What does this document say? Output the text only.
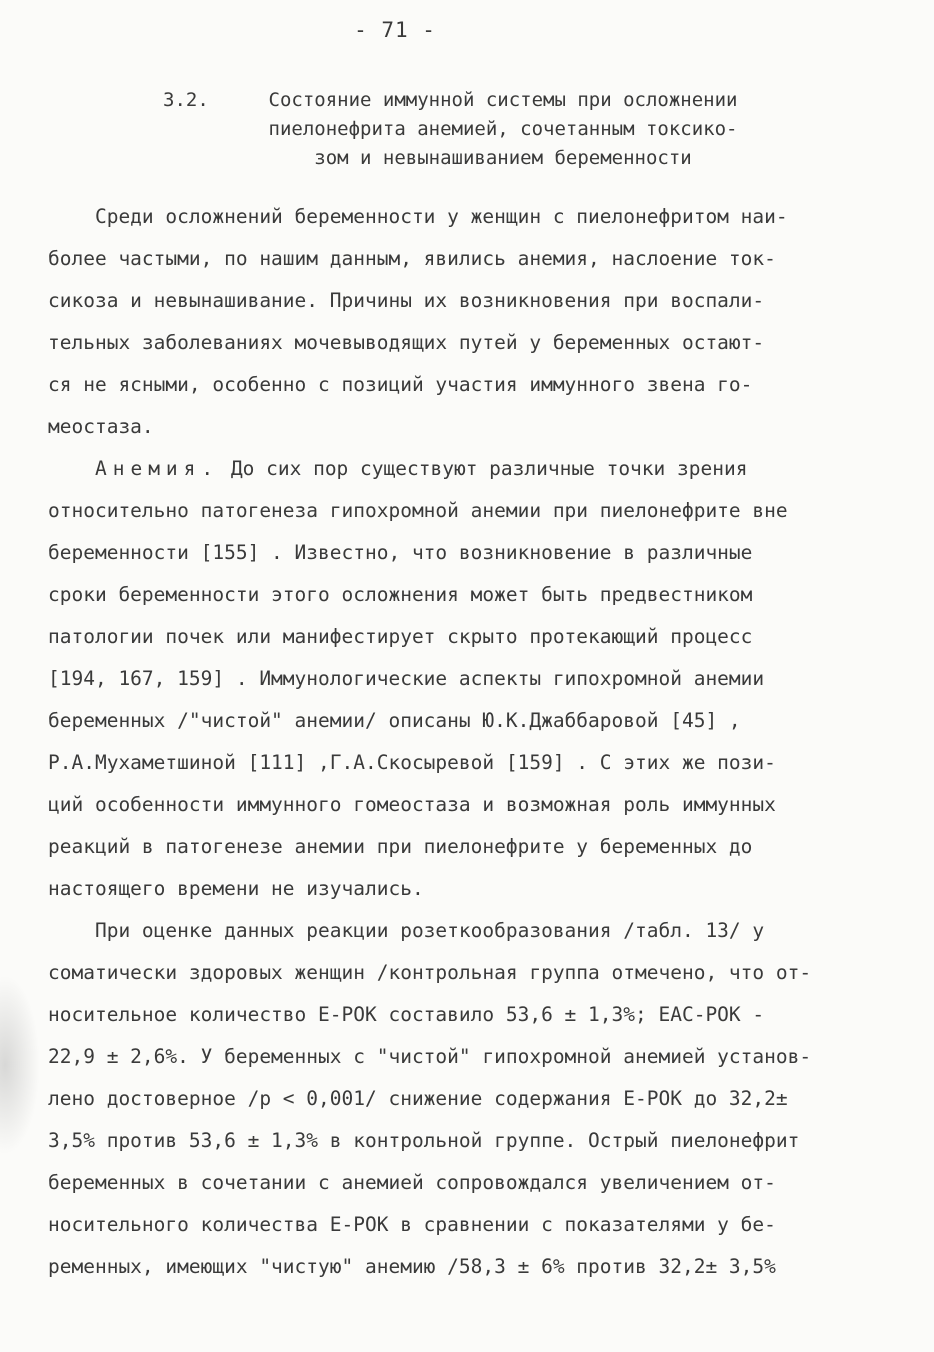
- 71 -
3.2.	Состояние иммунной системы при осложнении
пиелонефрита анемией, сочетанным токсико-
зом и невынашиванием беременности
Среди осложнений беременности у женщин с пиелонефритом наи-
более частыми, по нашим данным, явились анемия, наслоение ток-
сикоза и невынашивание. Причины их возникновения при воспали-
тельных заболеваниях мочевыводящих путей у беременных остают-
ся не ясными, особенно с позиций участия иммунного звена го-
меостаза.
Анемия. До сих пор существуют различные точки зрения
относительно патогенеза гипохромной анемии при пиелонефрите вне
беременности [155] . Известно, что возникновение в различные
сроки беременности этого осложнения может быть предвестником
патологии почек или манифестирует скрыто протекающий процесс
[194, 167, 159] . Иммунологические аспекты гипохромной анемии
беременных /"чистой" анемии/ описаны Ю.К.Джаббаровой [45] ,
Р.А.Мухаметшиной [111] ,Г.А.Скосыревой [159] . С этих же пози-
ций особенности иммунного гомеостаза и возможная роль иммунных
реакций в патогенезе анемии при пиелонефрите у беременных до
настоящего времени не изучались.
При оценке данных реакции розеткообразования /табл. 13/ у
соматически здоровых женщин /контрольная группа отмечено, что от-
носительное количество Е-РОК составило 53,6 ± 1,3%; ЕАС-РОК -
22,9 ± 2,6%. У беременных с "чистой" гипохромной анемией установ-
лено достоверное /р < 0,001/ снижение содержания Е-РОК до 32,2±
3,5% против 53,6 ± 1,3% в контрольной группе. Острый пиелонефрит
беременных в сочетании с анемией сопровождался увеличением от-
носительного количества Е-РОК в сравнении с показателями у бе-
ременных, имеющих "чистую" анемию /58,3 ± 6% против 32,2± 3,5%
